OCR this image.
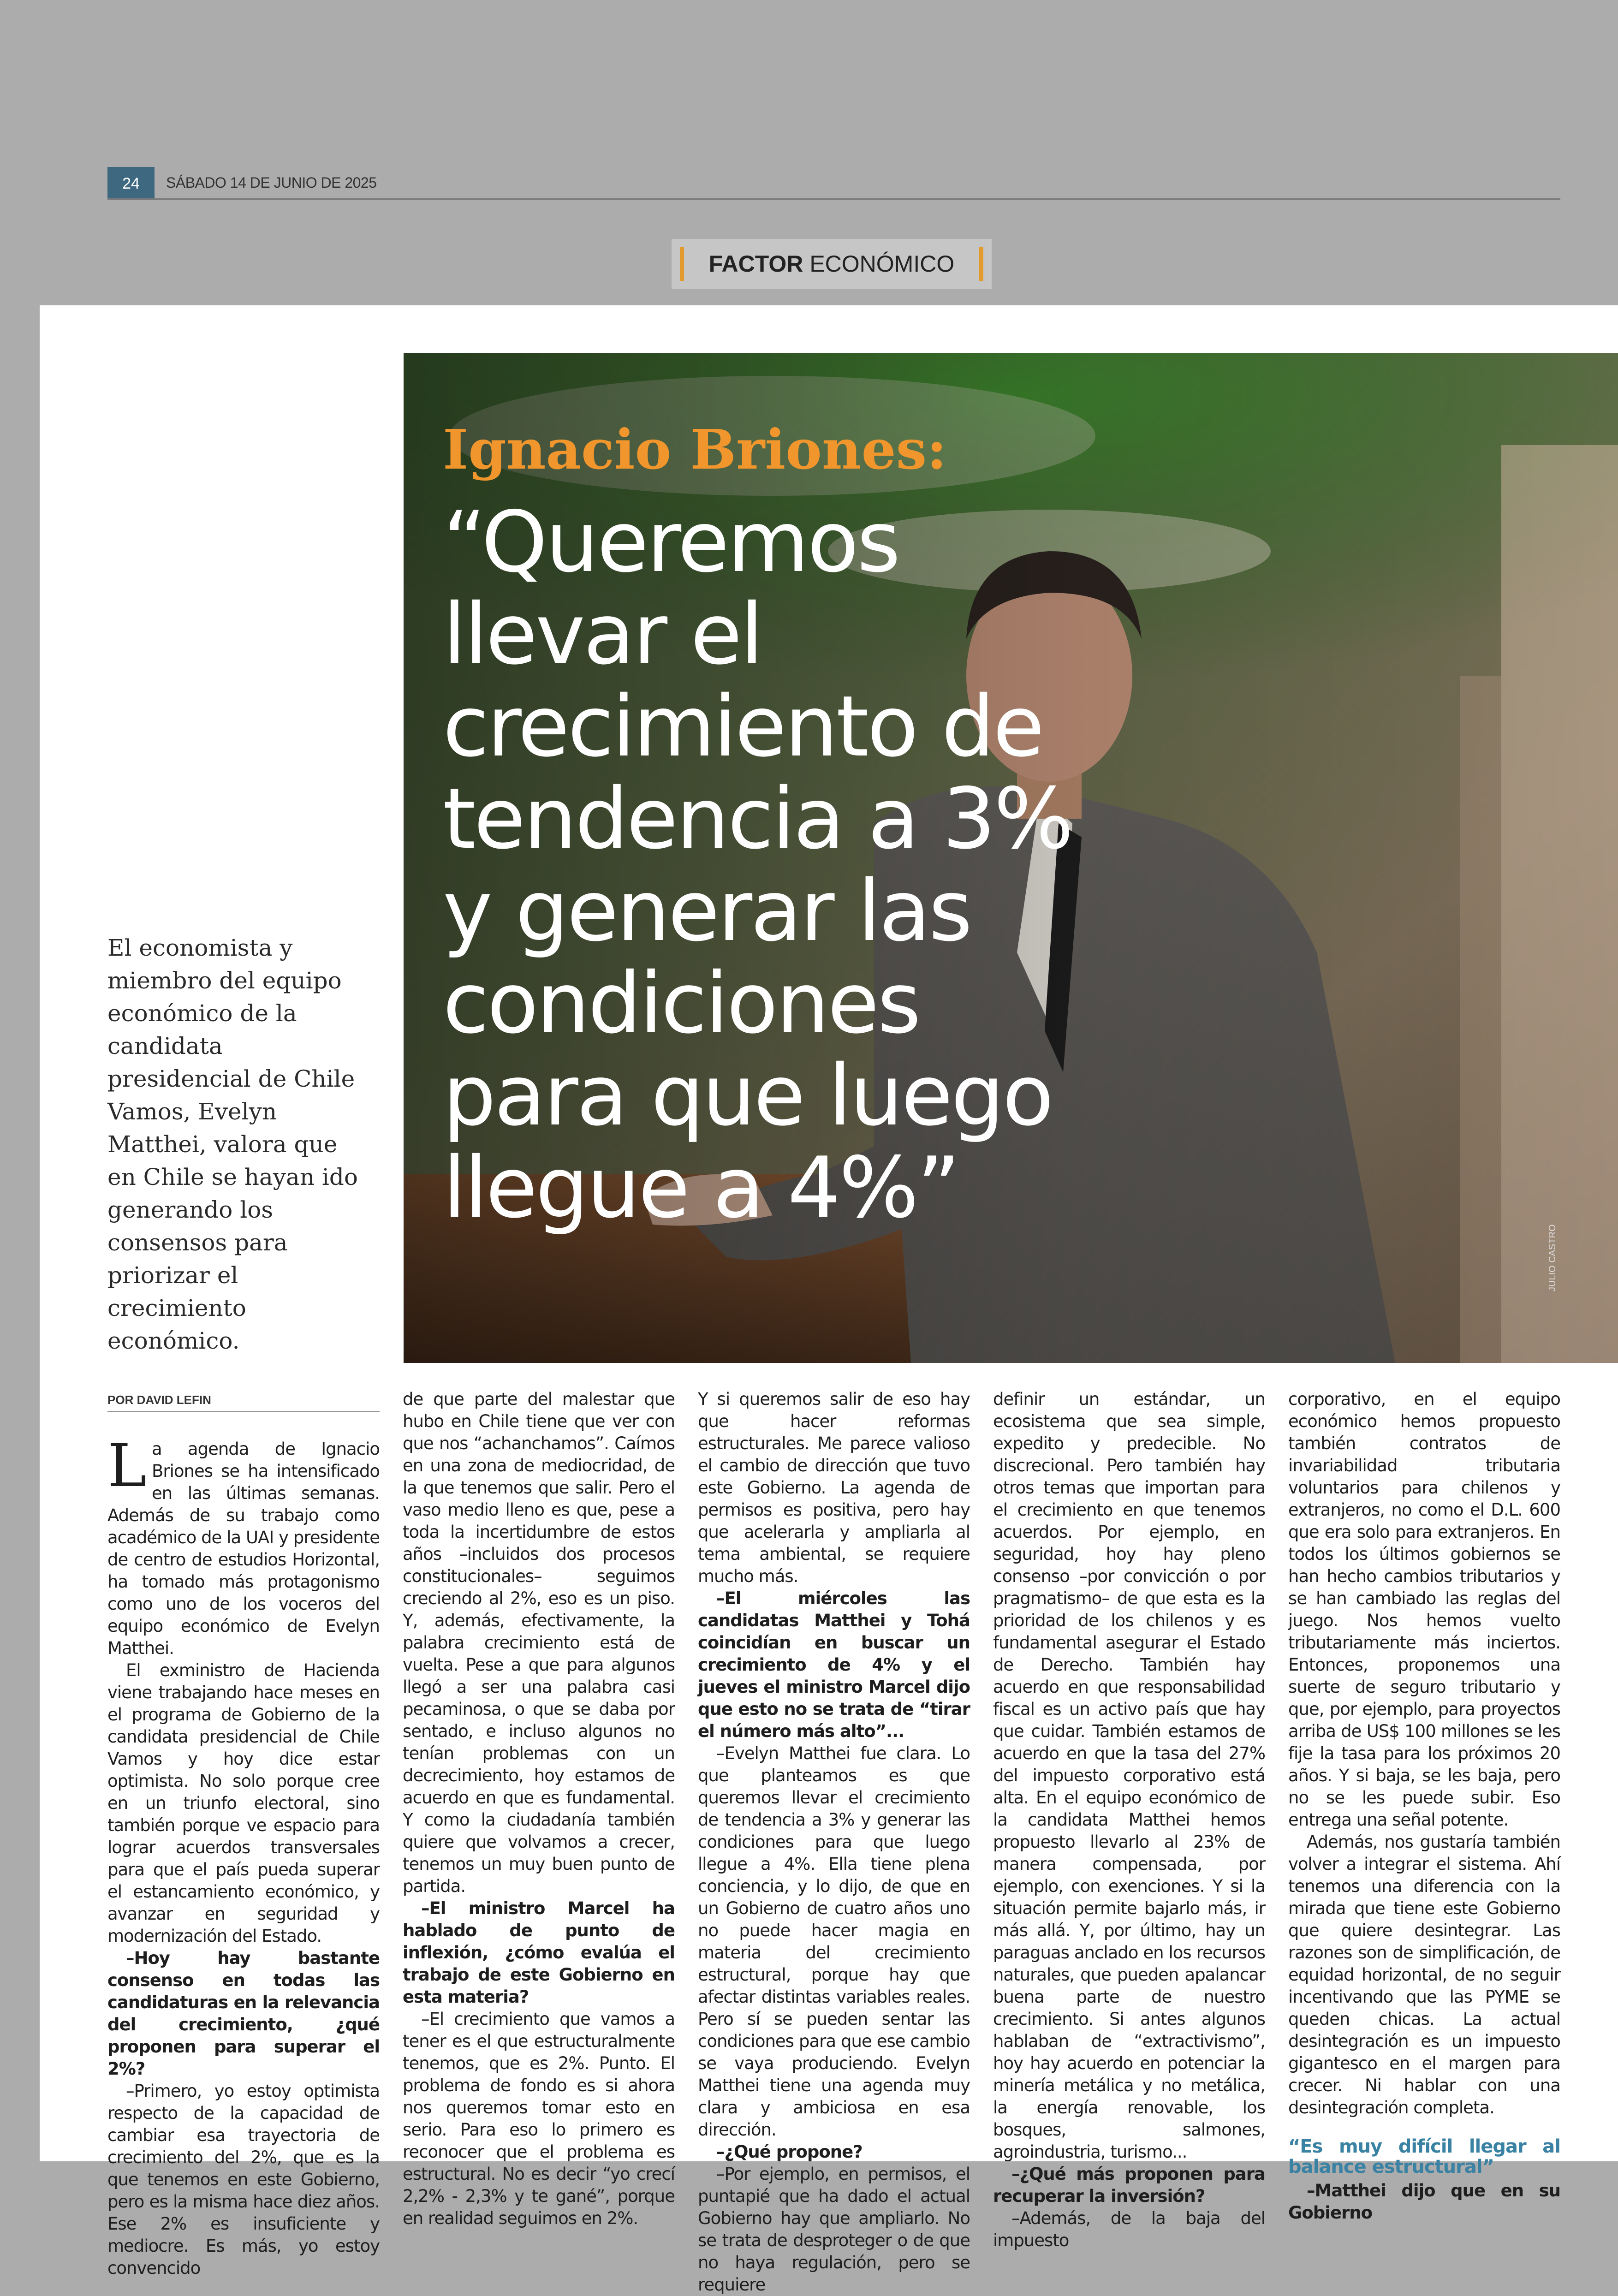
24	SÁBADO 14 DE JUNIO DE 2025
FACTOR ECONÓMICO
Ignacio Briones:
“Queremos llevar el crecimiento de tendencia a 3% y generar las condiciones para que luego llegue a 4%”
JULIO CASTRO
El economista y miembro del equipo económico de la candidata presidencial de Chile Vamos, Evelyn Matthei, valora que en Chile se hayan ido generando los consensos para priorizar el crecimiento económico.
POR DAVID LEFIN

La agenda de Ignacio Briones se ha intensificado en las últimas semanas. Además de su trabajo como académico de la UAI y presidente de centro de estudios Horizontal, ha tomado más protagonismo como uno de los voceros del equipo económico de Evelyn Matthei.

El exministro de Hacienda viene trabajando hace meses en el programa de Gobierno de la candidata presidencial de Chile Vamos y hoy dice estar optimista. No solo porque cree en un triunfo electoral, sino también porque ve espacio para lograr acuerdos transversales para que el país pueda superar el estancamiento económico, y avanzar en seguridad y modernización del Estado.

–Hoy hay bastante consenso en todas las candidaturas en la relevancia del crecimiento, ¿qué proponen para superar el 2%?

–Primero, yo estoy optimista respecto de la capacidad de cambiar esa trayectoria de crecimiento del 2%, que es la que tenemos en este Gobierno, pero es la misma hace diez años. Ese 2% es insuficiente y mediocre. Es más, yo estoy convencido

de que parte del malestar que hubo en Chile tiene que ver con que nos “achanchamos”. Caímos en una zona de mediocridad, de la que tenemos que salir. Pero el vaso medio lleno es que, pese a toda la incertidumbre de estos años –incluidos dos procesos constitucionales– seguimos creciendo al 2%, eso es un piso. Y, además, efectivamente, la palabra crecimiento está de vuelta. Pese a que para algunos llegó a ser una palabra casi pecaminosa, o que se daba por sentado, e incluso algunos no tenían problemas con un decrecimiento, hoy estamos de acuerdo en que es fundamental. Y como la ciudadanía también quiere que volvamos a crecer, tenemos un muy buen punto de partida.

–El ministro Marcel ha hablado de punto de inflexión, ¿cómo evalúa el trabajo de este Gobierno en esta materia?

–El crecimiento que vamos a tener es el que estructuralmente tenemos, que es 2%. Punto. El problema de fondo es si ahora nos queremos tomar esto en serio. Para eso lo primero es reconocer que el problema es estructural. No es decir “yo crecí 2,2% - 2,3% y te gané”, porque en realidad seguimos en 2%.

Y si queremos salir de eso hay que hacer reformas estructurales. Me parece valioso el cambio de dirección que tuvo este Gobierno. La agenda de permisos es positiva, pero hay que acelerarla y ampliarla al tema ambiental, se requiere mucho más.

–El miércoles las candidatas Matthei y Tohá coincidían en buscar un crecimiento de 4% y el jueves el ministro Marcel dijo que esto no se trata de “tirar el número más alto”...

–Evelyn Matthei fue clara. Lo que planteamos es que queremos llevar el crecimiento de tendencia a 3% y generar las condiciones para que luego llegue a 4%. Ella tiene plena conciencia, y lo dijo, de que en un Gobierno de cuatro años uno no puede hacer magia en materia del crecimiento estructural, porque hay que afectar distintas variables reales. Pero sí se pueden sentar las condiciones para que ese cambio se vaya produciendo. Evelyn Matthei tiene una agenda muy clara y ambiciosa en esa dirección.

–¿Qué propone?

–Por ejemplo, en permisos, el puntapié que ha dado el actual Gobierno hay que ampliarlo. No se trata de desproteger o de que no haya regulación, pero se requiere

definir un estándar, un ecosistema que sea simple, expedito y predecible. No discrecional. Pero también hay otros temas que importan para el crecimiento en que tenemos acuerdos. Por ejemplo, en seguridad, hoy hay pleno consenso –por convicción o por pragmatismo– de que esta es la prioridad de los chilenos y es fundamental asegurar el Estado de Derecho. También hay acuerdo en que responsabilidad fiscal es un activo país que hay que cuidar. También estamos de acuerdo en que la tasa del 27% del impuesto corporativo está alta. En el equipo económico de la candidata Matthei hemos propuesto llevarlo al 23% de manera compensada, por ejemplo, con exenciones. Y si la situación permite bajarlo más, ir más allá. Y, por último, hay un paraguas anclado en los recursos naturales, que pueden apalancar buena parte de nuestro crecimiento. Si antes algunos hablaban de “extractivismo”, hoy hay acuerdo en potenciar la minería metálica y no metálica, la energía renovable, los bosques, salmones, agroindustria, turismo...

–¿Qué más proponen para recuperar la inversión?

–Además, de la baja del impuesto

corporativo, en el equipo económico hemos propuesto también contratos de invariabilidad tributaria voluntarios para chilenos y extranjeros, no como el D.L. 600 que era solo para extranjeros. En todos los últimos gobiernos se han hecho cambios tributarios y se han cambiado las reglas del juego. Nos hemos vuelto tributariamente más inciertos. Entonces, proponemos una suerte de seguro tributario y que, por ejemplo, para proyectos arriba de US$ 100 millones se les fije la tasa para los próximos 20 años. Y si baja, se les baja, pero no se les puede subir. Eso entrega una señal potente.

Además, nos gustaría también volver a integrar el sistema. Ahí tenemos una diferencia con la mirada que tiene este Gobierno que quiere desintegrar. Las razones son de simplificación, de equidad horizontal, de no seguir incentivando que las PYME se queden chicas. La actual desintegración es un impuesto gigantesco en el margen para crecer. Ni hablar con una desintegración completa.

“Es muy difícil llegar al balance estructural”

–Matthei dijo que en su Gobierno
